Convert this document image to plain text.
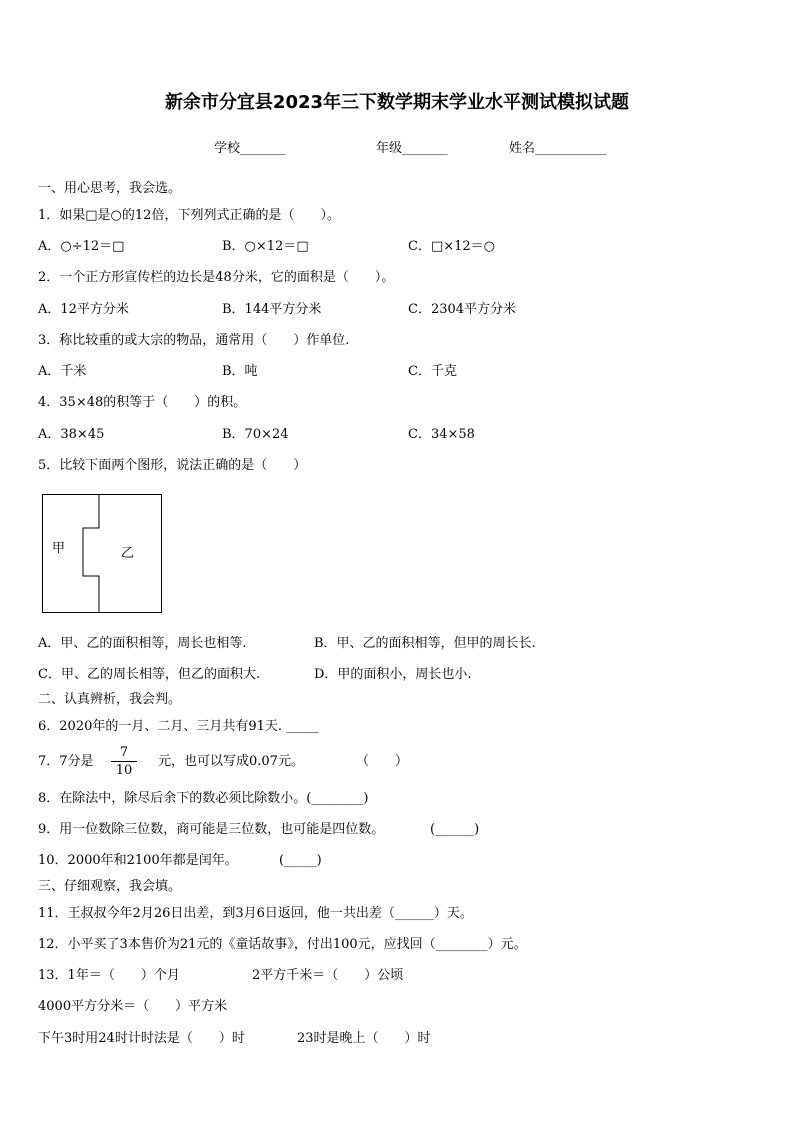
新余市分宜县2023年三下数学期末学业水平测试模拟试题
学校_______	年级_______	姓名___________
一、用心思考，我会选。
1．如果□是○的12倍，下列列式正确的是（　　）。
A．○÷12＝□	B．○×12＝□	C．□×12＝○
2．一个正方形宣传栏的边长是48分米，它的面积是（　　）。
A．12平方分米	B．144平方分米	C．2304平方分米
3．称比较重的或大宗的物品，通常用（　　）作单位.
A．千米	B．吨	C．千克
4．35×48的积等于（　　）的积。
A．38×45	B．70×24	C．34×58
5．比较下面两个图形，说法正确的是（　　）
甲	乙
A．甲、乙的面积相等，周长也相等.	B．甲、乙的面积相等，但甲的周长长.
C．甲、乙的周长相等，但乙的面积大.	D．甲的面积小，周长也小.
二、认真辨析，我会判。
6．2020年的一月、二月、三月共有91天. _____
7．7分是
7
10
元，也可以写成0.07元。	（　　）
8．在除法中，除尽后余下的数必须比除数小。(________)
9．用一位数除三位数，商可能是三位数，也可能是四位数。	(______)
10．2000年和2100年都是闰年。	(_____)
三、仔细观察，我会填。
11．王叔叔今年2月26日出差，到3月6日返回，他一共出差（______）天。
12．小平买了3本售价为21元的《童话故事》，付出100元，应找回（________）元。
13．1年＝（　　）个月	2平方千米＝（　　）公顷
4000平方分米＝（　　）平方米
下午3时用24时计时法是（　　）时	23时是晚上（　　）时
